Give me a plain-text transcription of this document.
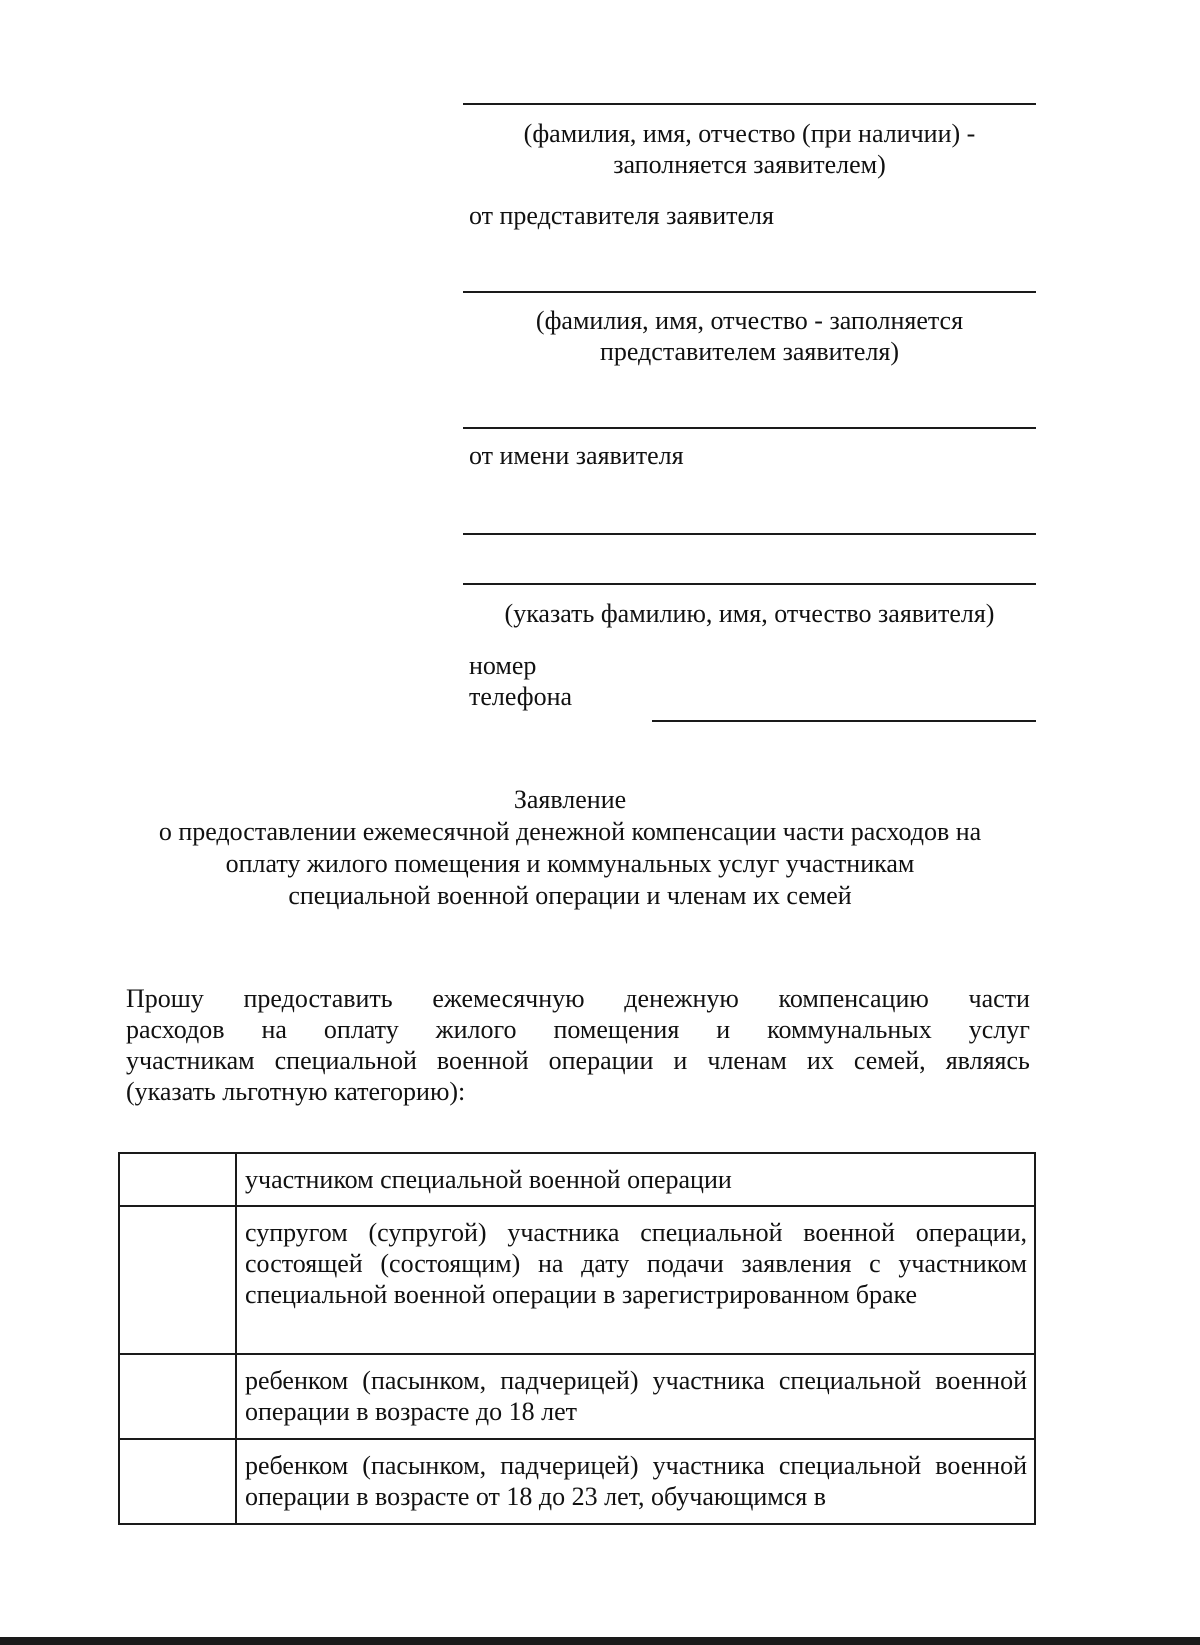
(фамилия, имя, отчество (при наличии) -
заполняется заявителем)
от представителя заявителя
(фамилия, имя, отчество - заполняется
представителем заявителя)
от имени заявителя
(указать фамилию, имя, отчество заявителя)
номер
телефона
Заявление
о предоставлении ежемесячной денежной компенсации части расходов на
оплату жилого помещения и коммунальных услуг участникам
специальной военной операции и членам их семей
Прошу предоставить ежемесячную денежную компенсацию части
расходов на оплату жилого помещения и коммунальных услуг
участникам специальной военной операции и членам их семей, являясь
(указать льготную категорию):
	участником специальной военной операции
	супругом (супругой) участника специальной военной операции, состоящей (состоящим) на дату подачи заявления с участником специальной военной операции в зарегистрированном браке
	ребенком (пасынком, падчерицей) участника специальной военной операции в возрасте до 18 лет
	ребенком (пасынком, падчерицей) участника специальной военной операции в возрасте от 18 до 23 лет, обучающимся в
